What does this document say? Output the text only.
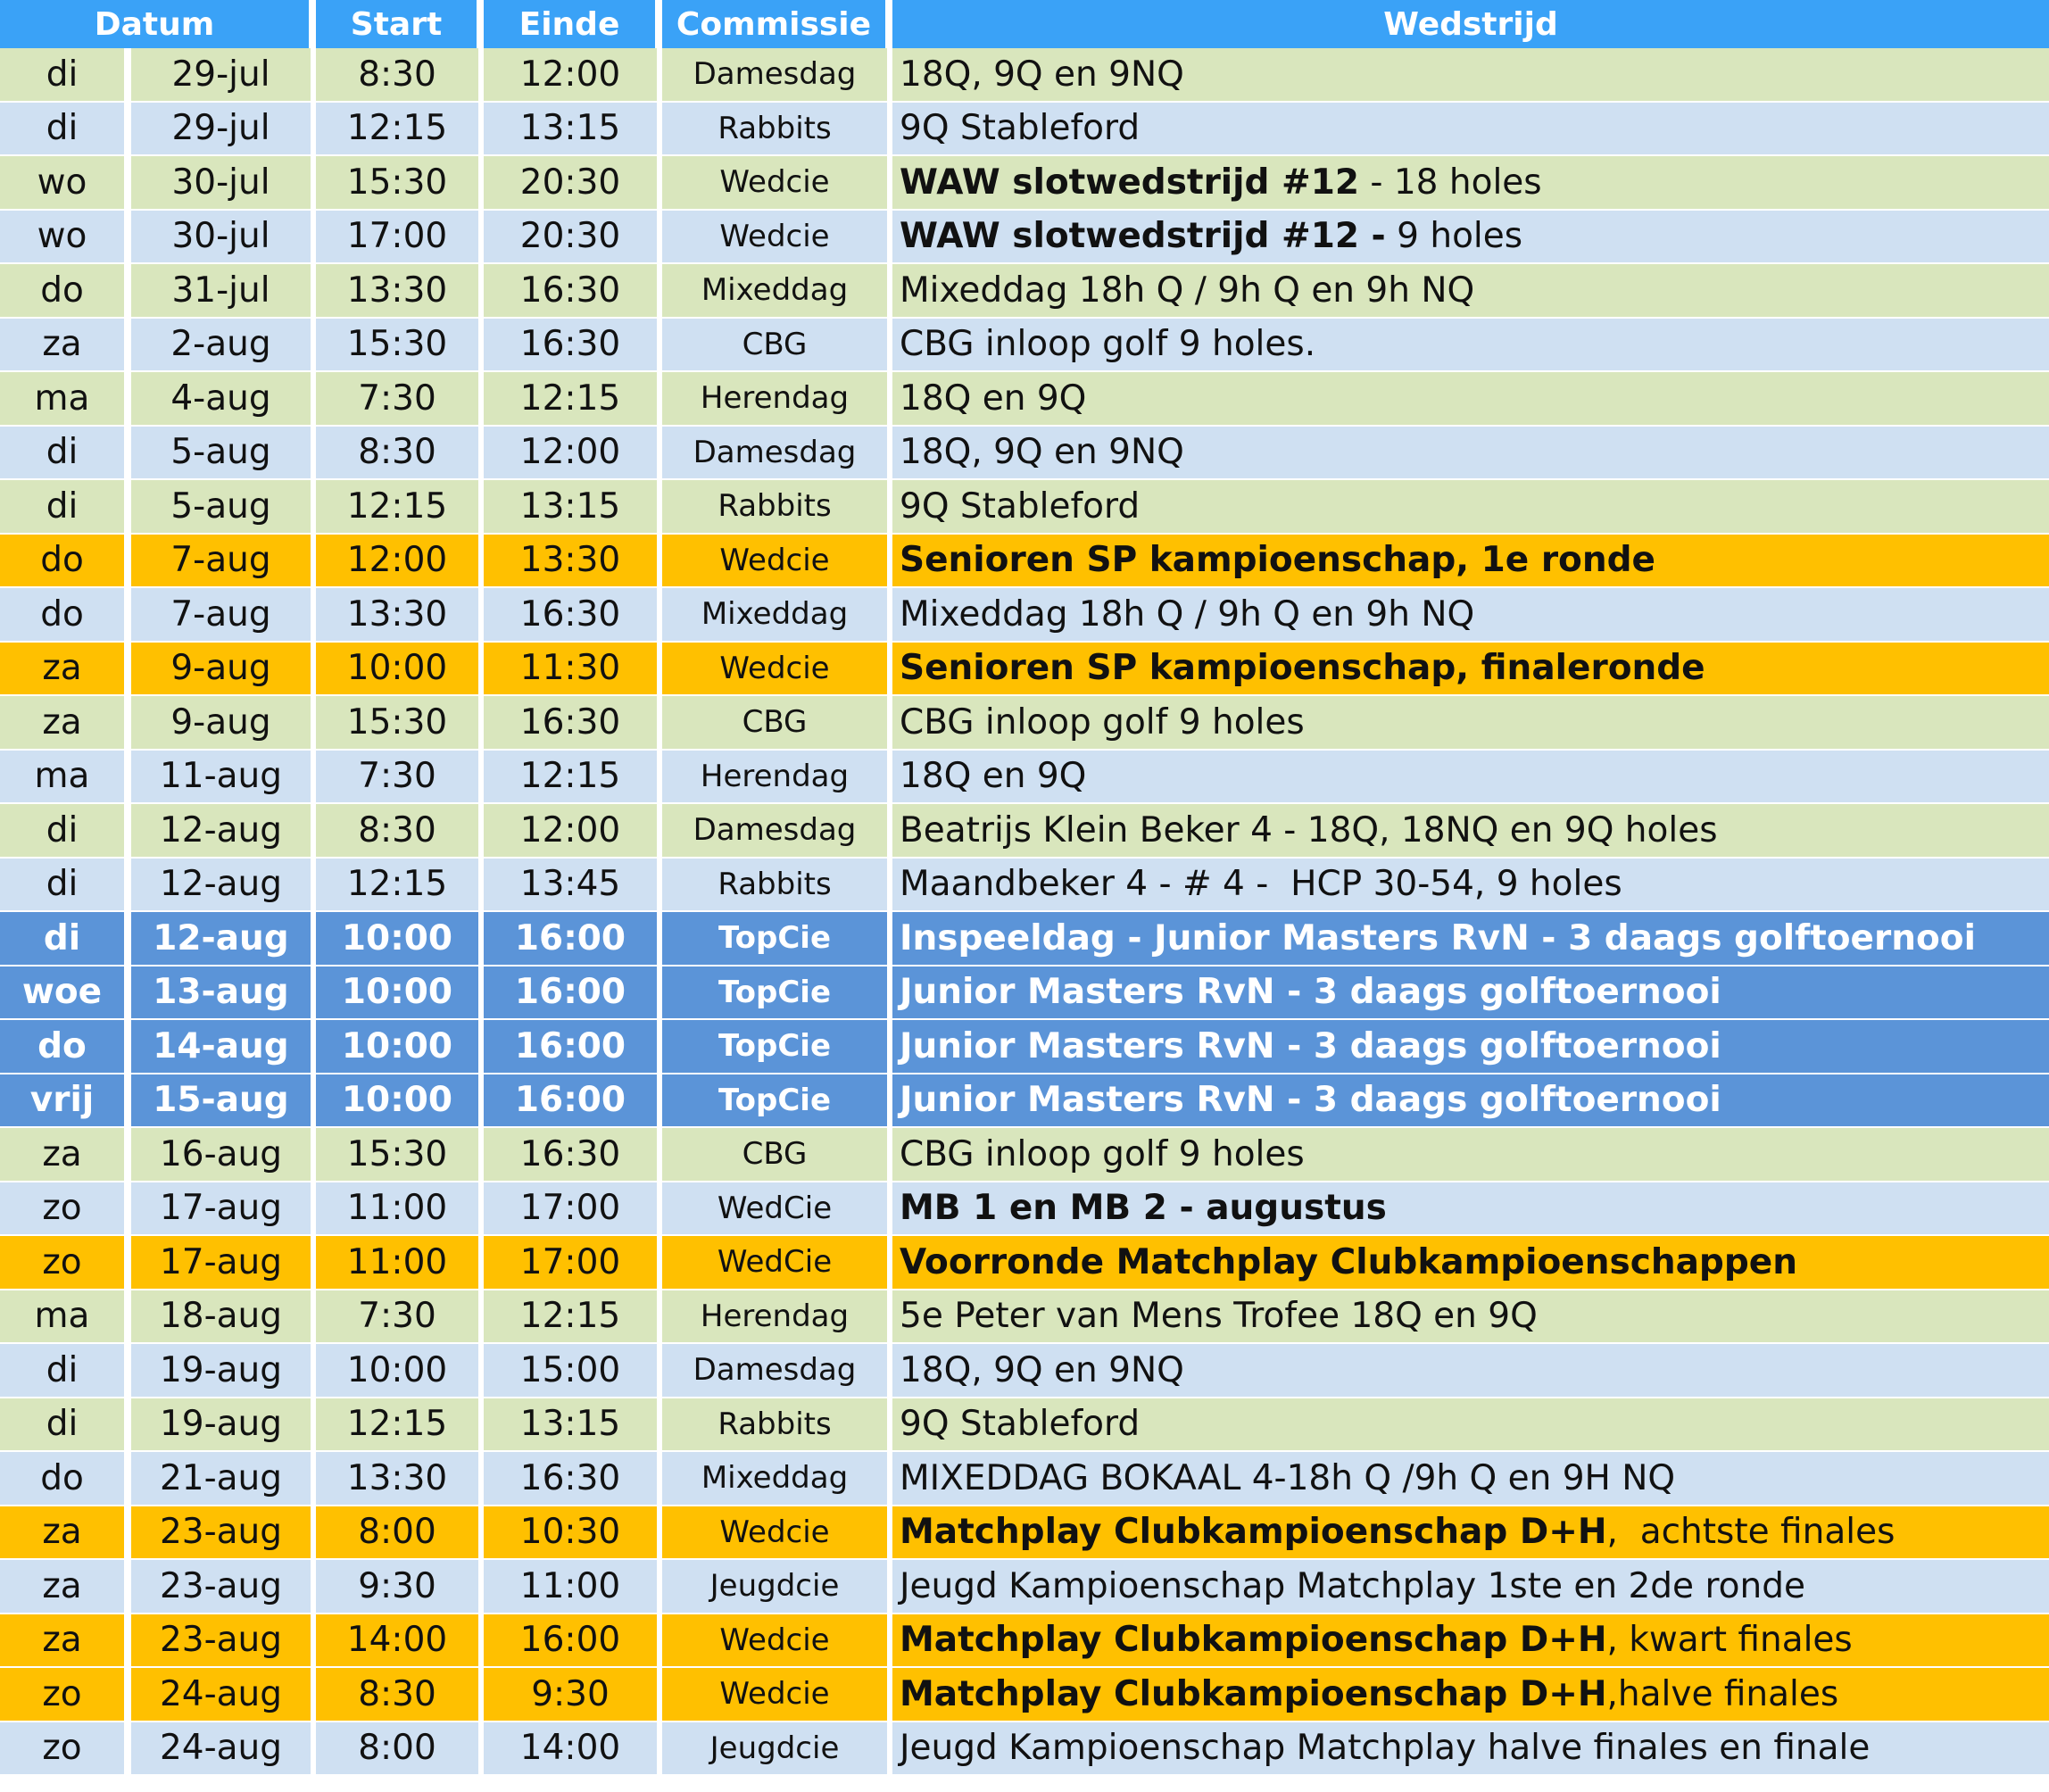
Datum	Start	Einde	Commissie	Wedstrijd
di	29-jul	8:30	12:00	Damesdag	18Q, 9Q en 9NQ
di	29-jul	12:15	13:15	Rabbits	9Q Stableford
wo	30-jul	15:30	20:30	Wedcie	WAW slotwedstrijd #12 - 18 holes
wo	30-jul	17:00	20:30	Wedcie	WAW slotwedstrijd #12 - 9 holes
do	31-jul	13:30	16:30	Mixeddag	Mixeddag 18h Q / 9h Q en 9h NQ
za	2-aug	15:30	16:30	CBG	CBG inloop golf 9 holes.
ma	4-aug	7:30	12:15	Herendag	18Q en 9Q
di	5-aug	8:30	12:00	Damesdag	18Q, 9Q en 9NQ
di	5-aug	12:15	13:15	Rabbits	9Q Stableford
do	7-aug	12:00	13:30	Wedcie	Senioren SP kampioenschap, 1e ronde
do	7-aug	13:30	16:30	Mixeddag	Mixeddag 18h Q / 9h Q en 9h NQ
za	9-aug	10:00	11:30	Wedcie	Senioren SP kampioenschap, finaleronde
za	9-aug	15:30	16:30	CBG	CBG inloop golf 9 holes
ma	11-aug	7:30	12:15	Herendag	18Q en 9Q
di	12-aug	8:30	12:00	Damesdag	Beatrijs Klein Beker 4 - 18Q, 18NQ en 9Q holes
di	12-aug	12:15	13:45	Rabbits	Maandbeker 4 - # 4 -  HCP 30-54, 9 holes
di	12-aug	10:00	16:00	TopCie	Inspeeldag - Junior Masters RvN - 3 daags golftoernooi
woe	13-aug	10:00	16:00	TopCie	Junior Masters RvN - 3 daags golftoernooi
do	14-aug	10:00	16:00	TopCie	Junior Masters RvN - 3 daags golftoernooi
vrij	15-aug	10:00	16:00	TopCie	Junior Masters RvN - 3 daags golftoernooi
za	16-aug	15:30	16:30	CBG	CBG inloop golf 9 holes
zo	17-aug	11:00	17:00	WedCie	MB 1 en MB 2 - augustus
zo	17-aug	11:00	17:00	WedCie	Voorronde Matchplay Clubkampioenschappen
ma	18-aug	7:30	12:15	Herendag	5e Peter van Mens Trofee 18Q en 9Q
di	19-aug	10:00	15:00	Damesdag	18Q, 9Q en 9NQ
di	19-aug	12:15	13:15	Rabbits	9Q Stableford
do	21-aug	13:30	16:30	Mixeddag	MIXEDDAG BOKAAL 4-18h Q /9h Q en 9H NQ
za	23-aug	8:00	10:30	Wedcie	Matchplay Clubkampioenschap D+H ,  achtste finales
za	23-aug	9:30	11:00	Jeugdcie	Jeugd Kampioenschap Matchplay 1ste en 2de ronde
za	23-aug	14:00	16:00	Wedcie	Matchplay Clubkampioenschap D+H , kwart finales
zo	24-aug	8:30	9:30	Wedcie	Matchplay Clubkampioenschap D+H ,halve finales
zo	24-aug	8:00	14:00	Jeugdcie	Jeugd Kampioenschap Matchplay halve finales en finale
